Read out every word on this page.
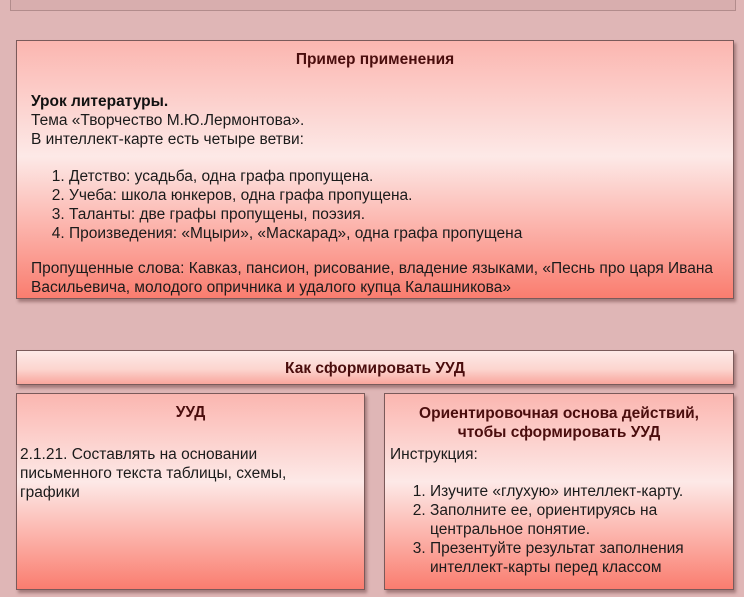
Пример применения
Урок литературы.
Тема «Творчество М.Ю.Лермонтова».
В интеллект-карте есть четыре ветви:
1. Детство: усадьба, одна графа пропущена.
2. Учеба: школа юнкеров, одна графа пропущена.
3. Таланты: две графы пропущены, поэзия.
4. Произведения: «Мцыри», «Маскарад», одна графа пропущена
Пропущенные слова: Кавказ, пансион, рисование, владение языками, «Песнь про царя Ивана Васильевича, молодого опричника и удалого купца Калашникова»
Как сформировать УУД
УУД
2.1.21. Составлять на основании письменного текста таблицы, схемы, графики
Ориентировочная основа действий,
чтобы сформировать УУД
Инструкция:
1. Изучите «глухую» интеллект-карту.
2. Заполните ее, ориентируясь на центральное понятие.
3. Презентуйте результат заполнения интеллект-карты перед классом
